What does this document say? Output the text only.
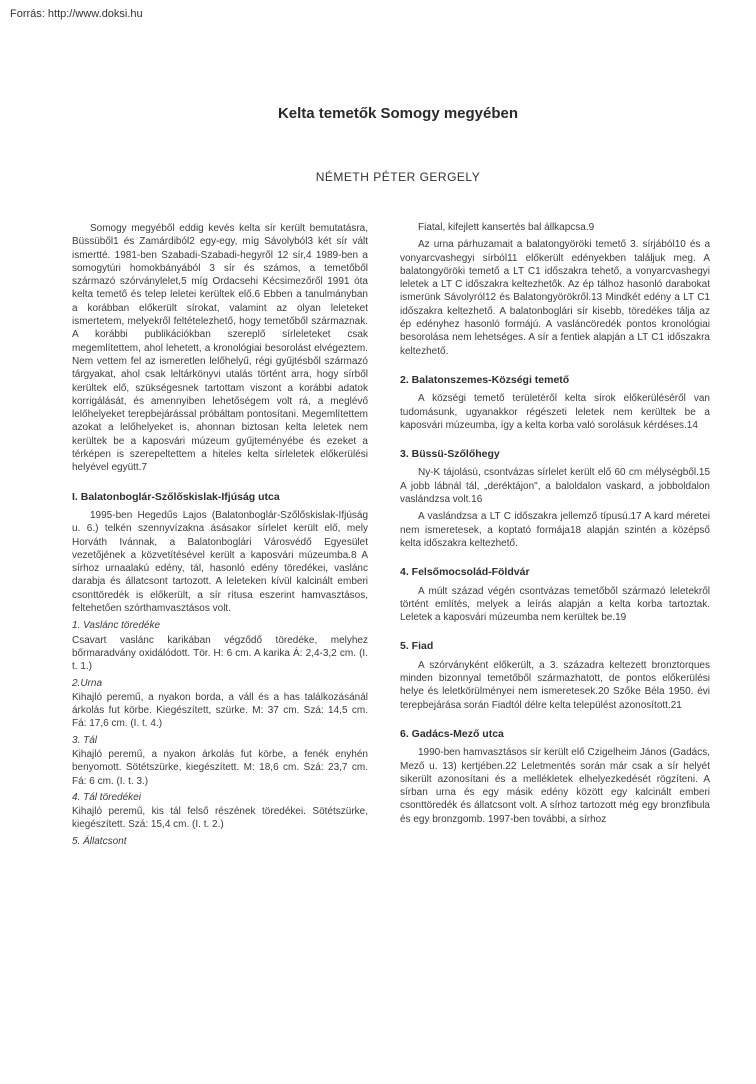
Forrás: http://www.doksi.hu
Kelta temetők Somogy megyében
NÉMETH PÉTER GERGELY

Somogy megyéből eddig kevés kelta sír került bemutatásra, Büssüből1 és Zamárdiból2 egy-egy, míg Sávolyból3 két sír vált ismertté. 1981-ben Szabadi-Szabadi-hegyről 12 sír,4 1989-ben a somogytúri homokbányából 3 sír és számos, a temetőből származó szórványlelet,5 míg Ordacsehi Kécsimezőről 1991 óta kelta temető és telep leletei kerültek elő.6 Ebben a tanulmányban a korábban előkerült sírokat, valamint az olyan leleteket ismertetem, melyekről feltételezhető, hogy temetőből származnak. A korábbi publikációkban szereplő sírleleteket csak megemlítettem, ahol lehetett, a kronológiai besorolást elvégeztem. Nem vettem fel az ismeretlen lelőhelyű, régi gyűjtésből származó tárgyakat, ahol csak leltárkönyvi utalás történt arra, hogy sírből kerültek elő, szükségesnek tartottam viszont a korábbi adatok korrigálását, és amennyiben lehetőségem volt rá, a meglévő lelőhelyeket terepbejárással próbáltam pontosítani. Megemlítettem azokat a lelőhelyeket is, ahonnan biztosan kelta leletek nem kerültek be a kaposvári múzeum gyűjteményébe és ezeket a térképen is szerepeltettem a hiteles kelta sírleletek előkerülési helyével együtt.7

I. Balatonboglár-Szőlőskislak-Ifjúság utca

1995-ben Hegedűs Lajos (Balatonboglár-Szőlőskislak-Ifjúság u. 6.) telkén szennyvízakna ásásakor sírlelet került elő, mely Horváth Ivánnak, a Balatonboglári Városvédő Egyesület vezetőjének a közvetítésével került a kaposvári múzeumba.8 A sírhoz urnaalakú edény, tál, hasonló edény töredékei, vaslánc darabja és állatcsont tartozott. A leleteken kívül kalcinált emberi csonttöredék is előkerült, a sír rítusa eszerint hamvasztásos, feltehetően szórthamvasztásos volt.

1. Vaslánc töredéke

Csavart vaslánc karikában végződő töredéke, melyhez bőrmaradvány oxidálódott. Tör. H: 6 cm. A karika Á: 2,4-3,2 cm. (I. t. 1.)

2.Urna

Kihajló peremű, a nyakon borda, a váll és a has találkozásánál árkolás fut körbe. Kiegészített, szürke. M: 37 cm. Szá: 14,5 cm. Fá: 17,6 cm. (I. t. 4.)

3. Tál

Kihajló peremű, a nyakon árkolás fut körbe, a fenék enyhén benyomott. Sötétszürke, kiegészített. M: 18,6 cm. Szá: 23,7 cm. Fá: 6 cm. (I. t. 3.)

4. Tál töredékei

Kihajló peremű, kis tál felső részének töredékei. Sötétszürke, kiegészített. Szá: 15,4 cm. (I. t. 2.)

5. Állatcsont

Fiatal, kifejlett kansertés bal állkapcsa.9

Az urna párhuzamait a balatongyöröki temető 3. sírjából10 és a vonyarcvashegyi sírból11 előkerült edényekben találjuk meg. A balatongyöröki temető a LT C1 időszakra tehető, a vonyarcvashegyi leletek a LT C időszakra keltezhetők. Az ép tálhoz hasonló darabokat ismerünk Sávolyról12 és Balatongyörökről.13 Mindkét edény a LT C1 időszakra keltezhető. A balatonboglári sír kisebb, töredékes tálja az ép edényhez hasonló formájú. A vasláncöredék pontos kronológiai besorolása nem lehetséges. A sír a fentiek alapján a LT C1 időszakra keltezhető.

2. Balatonszemes-Községi temető

A községi temető területéről kelta sírok előkerüléséről van tudomásunk, ugyanakkor régészeti leletek nem kerültek be a kaposvári múzeumba, így a kelta korba való sorolásuk kérdéses.14

3. Büssü-Szőlőhegy

Ny-K tájolású, csontvázas sírlelet került elő 60 cm mélységből.15 A jobb lábnál tál, „deréktájon", a baloldalon vaskard, a jobboldalon vaslándzsa volt.16

A vaslándzsa a LT C időszakra jellemző típusú.17 A kard méretei nem ismeretesek, a koptató formája18 alapján szintén a középső kelta időszakra keltezhető.

4. Felsőmocsolád-Földvár

A múlt század végén csontvázas temetőből származó leletekről történt említés, melyek a leírás alapján a kelta korba tartoztak. Leletek a kaposvári múzeumba nem kerültek be.19

5. Fiad

A szórványként előkerült, a 3. századra keltezett bronztorques minden bizonnyal temetőből származhatott, de pontos előkerülési helye és leletkörülményei nem ismeretesek.20 Szőke Béla 1950. évi terepbejárása során Fiadtól délre kelta települést azonosított.21

6. Gadács-Mező utca

1990-ben hamvasztásos sír került elő Czigelheim János (Gadács, Mező u. 13) kertjében.22 Leletmentés során már csak a sír helyét sikerült azonosítani és a mellékletek elhelyezkedését rögzíteni. A sírban urna és egy másik edény között egy kalcinált emberi csonttöredék és állatcsont volt. A sírhoz tartozott még egy bronzfibula és egy bronzgomb. 1997-ben további, a sírhoz
